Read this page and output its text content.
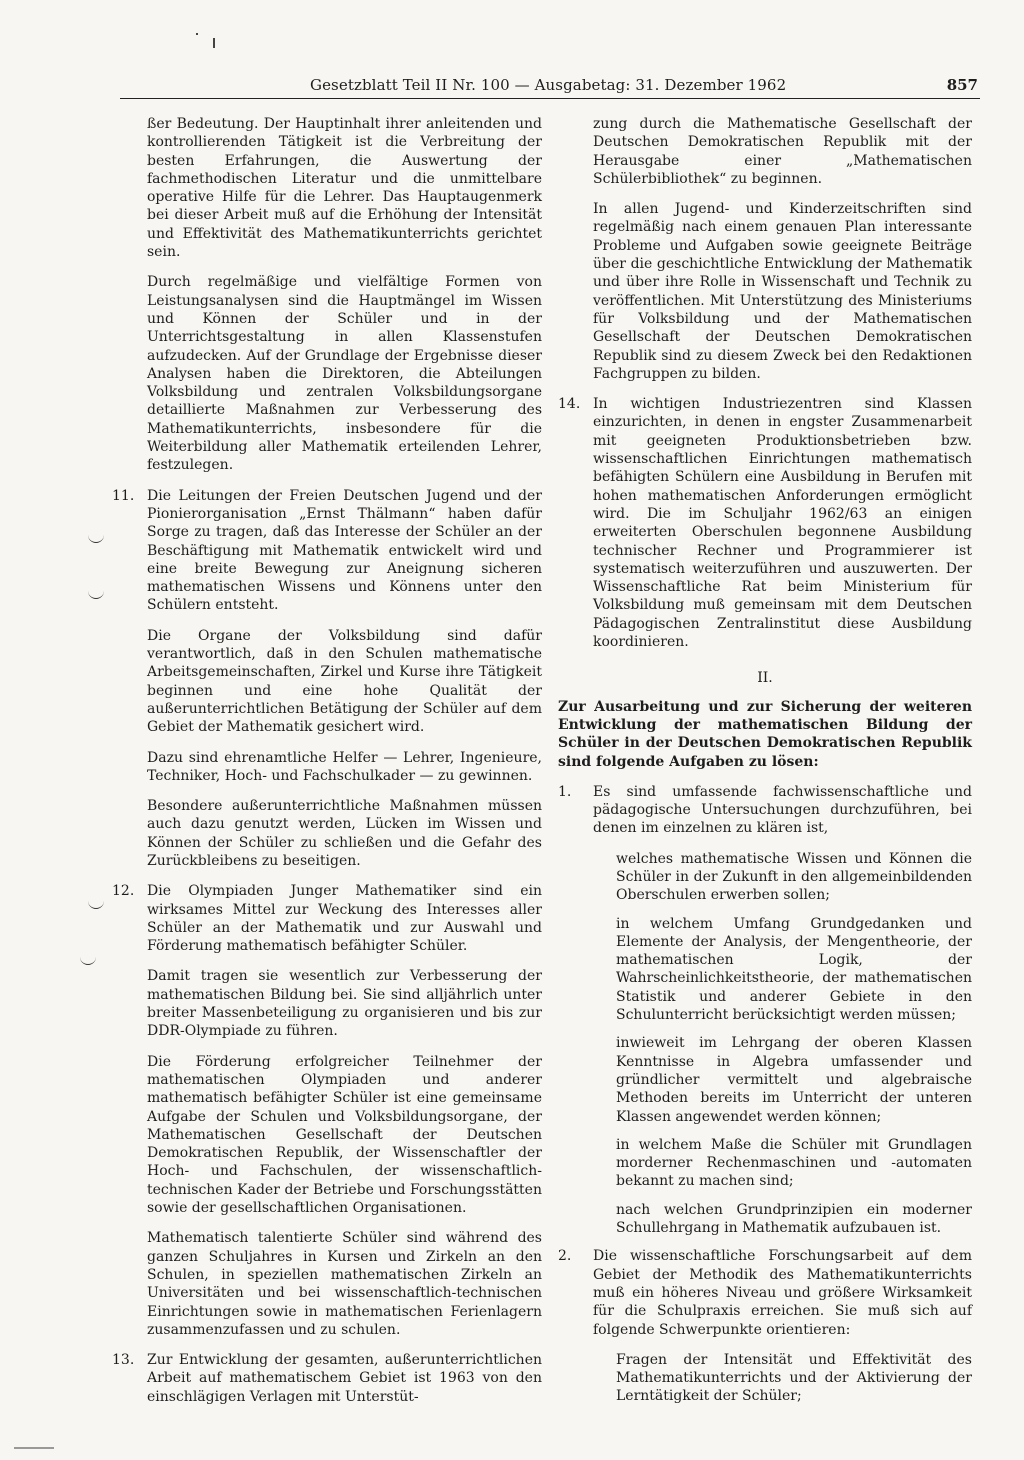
Gesetzblatt Teil II Nr. 100 — Ausgabetag: 31. Dezember 1962	857

ßer Bedeutung. Der Hauptinhalt ihrer anleitenden und kontrollierenden Tätigkeit ist die Verbreitung der besten Erfahrungen, die Auswertung der fachmethodischen Literatur und die unmittelbare operative Hilfe für die Lehrer. Das Hauptaugenmerk bei dieser Arbeit muß auf die Erhöhung der Intensität und Effektivität des Mathematikunterrichts gerichtet sein.

Durch regelmäßige und vielfältige Formen von Leistungsanalysen sind die Hauptmängel im Wissen und Können der Schüler und in der Unterrichtsgestaltung in allen Klassenstufen aufzudecken. Auf der Grundlage der Ergebnisse dieser Analysen haben die Direktoren, die Abteilungen Volksbildung und zentralen Volksbildungsorgane detaillierte Maßnahmen zur Verbesserung des Mathematikunterrichts, insbesondere für die Weiterbildung aller Mathematik erteilenden Lehrer, festzulegen.

11. Die Leitungen der Freien Deutschen Jugend und der Pionierorganisation „Ernst Thälmann“ haben dafür Sorge zu tragen, daß das Interesse der Schüler an der Beschäftigung mit Mathematik entwickelt wird und eine breite Bewegung zur Aneignung sicheren mathematischen Wissens und Könnens unter den Schülern entsteht.

Die Organe der Volksbildung sind dafür verantwortlich, daß in den Schulen mathematische Arbeitsgemeinschaften, Zirkel und Kurse ihre Tätigkeit beginnen und eine hohe Qualität der außerunterrichtlichen Betätigung der Schüler auf dem Gebiet der Mathematik gesichert wird.

Dazu sind ehrenamtliche Helfer — Lehrer, Ingenieure, Techniker, Hoch- und Fachschulkader — zu gewinnen.

Besondere außerunterrichtliche Maßnahmen müssen auch dazu genutzt werden, Lücken im Wissen und Können der Schüler zu schließen und die Gefahr des Zurückbleibens zu beseitigen.

12. Die Olympiaden Junger Mathematiker sind ein wirksames Mittel zur Weckung des Interesses aller Schüler an der Mathematik und zur Auswahl und Förderung mathematisch befähigter Schüler.

Damit tragen sie wesentlich zur Verbesserung der mathematischen Bildung bei. Sie sind alljährlich unter breiter Massenbeteiligung zu organisieren und bis zur DDR-Olympiade zu führen.

Die Förderung erfolgreicher Teilnehmer der mathematischen Olympiaden und anderer mathematisch befähigter Schüler ist eine gemeinsame Aufgabe der Schulen und Volksbildungsorgane, der Mathematischen Gesellschaft der Deutschen Demokratischen Republik, der Wissenschaftler der Hoch- und Fachschulen, der wissenschaftlich-technischen Kader der Betriebe und Forschungsstätten sowie der gesellschaftlichen Organisationen.

Mathematisch talentierte Schüler sind während des ganzen Schuljahres in Kursen und Zirkeln an den Schulen, in speziellen mathematischen Zirkeln an Universitäten und bei wissenschaftlich-technischen Einrichtungen sowie in mathematischen Ferienlagern zusammenzufassen und zu schulen.

13. Zur Entwicklung der gesamten, außerunterrichtlichen Arbeit auf mathematischem Gebiet ist 1963 von den einschlägigen Verlagen mit Unterstüt-

zung durch die Mathematische Gesellschaft der Deutschen Demokratischen Republik mit der Herausgabe einer „Mathematischen Schülerbibliothek“ zu beginnen.

In allen Jugend- und Kinderzeitschriften sind regelmäßig nach einem genauen Plan interessante Probleme und Aufgaben sowie geeignete Beiträge über die geschichtliche Entwicklung der Mathematik und über ihre Rolle in Wissenschaft und Technik zu veröffentlichen. Mit Unterstützung des Ministeriums für Volksbildung und der Mathematischen Gesellschaft der Deutschen Demokratischen Republik sind zu diesem Zweck bei den Redaktionen Fachgruppen zu bilden.

14. In wichtigen Industriezentren sind Klassen einzurichten, in denen in engster Zusammenarbeit mit geeigneten Produktionsbetrieben bzw. wissenschaftlichen Einrichtungen mathematisch befähigten Schülern eine Ausbildung in Berufen mit hohen mathematischen Anforderungen ermöglicht wird. Die im Schuljahr 1962/63 an einigen erweiterten Oberschulen begonnene Ausbildung technischer Rechner und Programmierer ist systematisch weiterzuführen und auszuwerten. Der Wissenschaftliche Rat beim Ministerium für Volksbildung muß gemeinsam mit dem Deutschen Pädagogischen Zentralinstitut diese Ausbildung koordinieren.
II.

Zur Ausarbeitung und zur Sicherung der weiteren Entwicklung der mathematischen Bildung der Schüler in der Deutschen Demokratischen Republik sind folgende Aufgaben zu lösen:

1. Es sind umfassende fachwissenschaftliche und pädagogische Untersuchungen durchzuführen, bei denen im einzelnen zu klären ist,

welches mathematische Wissen und Können die Schüler in der Zukunft in den allgemeinbildenden Oberschulen erwerben sollen;

in welchem Umfang Grundgedanken und Elemente der Analysis, der Mengentheorie, der mathematischen Logik, der Wahrscheinlichkeitstheorie, der mathematischen Statistik und anderer Gebiete in den Schulunterricht berücksichtigt werden müssen;

inwieweit im Lehrgang der oberen Klassen Kenntnisse in Algebra umfassender und gründlicher vermittelt und algebraische Methoden bereits im Unterricht der unteren Klassen angewendet werden können;

in welchem Maße die Schüler mit Grundlagen morderner Rechenmaschinen und -automaten bekannt zu machen sind;

nach welchen Grundprinzipien ein moderner Schullehrgang in Mathematik aufzubauen ist.

2. Die wissenschaftliche Forschungsarbeit auf dem Gebiet der Methodik des Mathematikunterrichts muß ein höheres Niveau und größere Wirksamkeit für die Schulpraxis erreichen. Sie muß sich auf folgende Schwerpunkte orientieren:

Fragen der Intensität und Effektivität des Mathematikunterrichts und der Aktivierung der Lerntätigkeit der Schüler;
